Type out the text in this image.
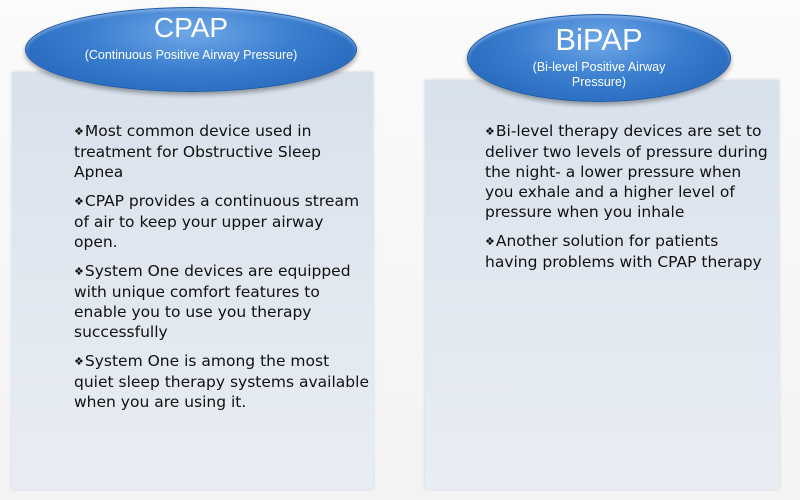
CPAP
(Continuous Positive Airway Pressure)	BiPAP
(Bi-level Positive Airway Pressure)
❖Most common device used in treatment for Obstructive Sleep Apnea
❖CPAP provides a continuous stream of air to keep your upper airway open.
❖System One devices are equipped with unique comfort features to enable you to use you therapy successfully
❖System One is among the most quiet sleep therapy systems available when you are using it.
❖Bi-level therapy devices are set to deliver two levels of pressure during the night- a lower pressure when you exhale and a higher level of pressure when you inhale
❖Another solution for patients having problems with CPAP therapy
